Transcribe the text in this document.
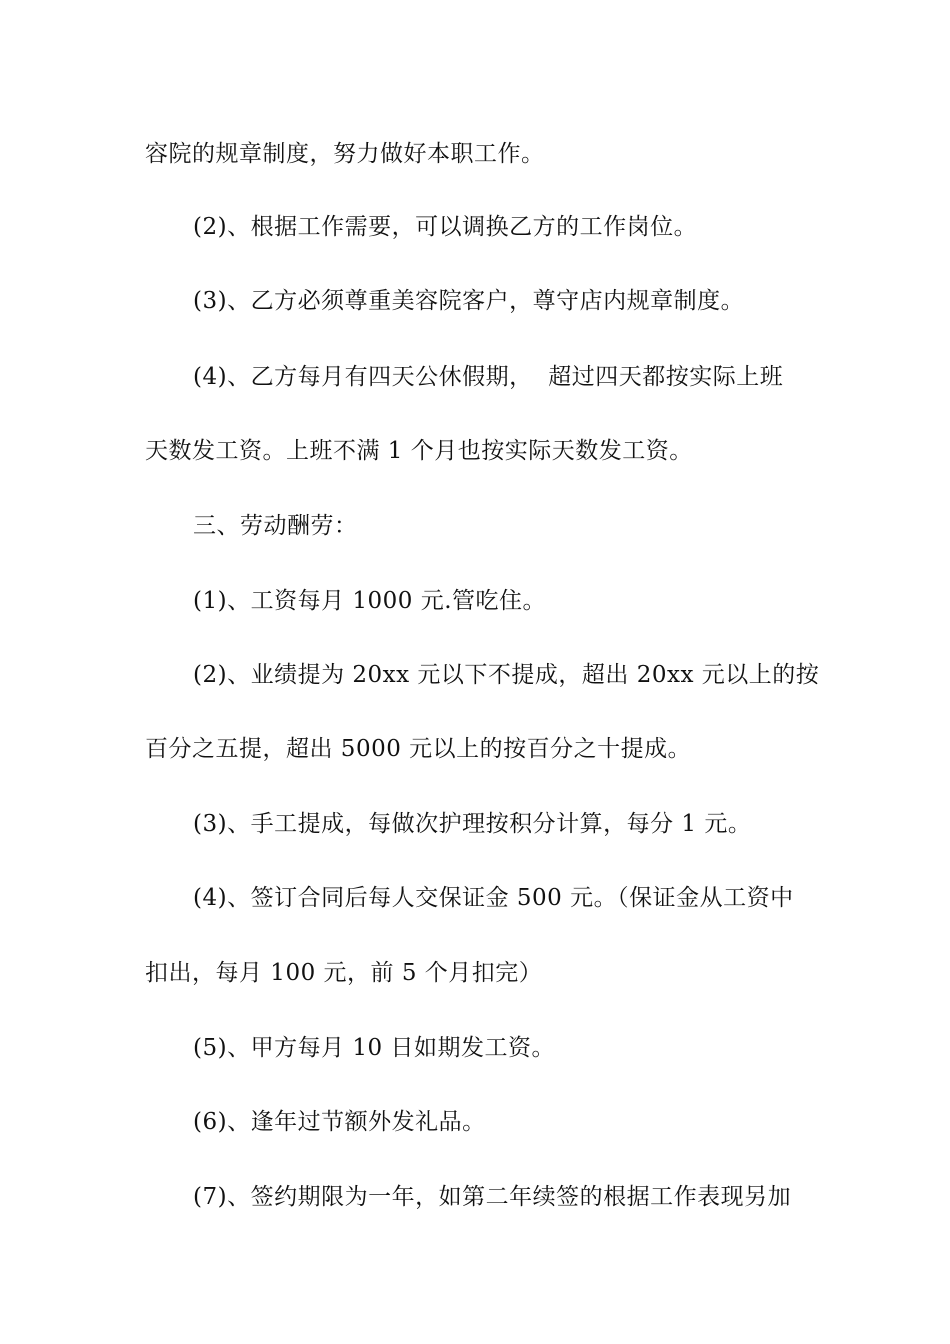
容院的规章制度，努力做好本职工作。
(2)、根据工作需要，可以调换乙方的工作岗位。
(3)、乙方必须尊重美容院客户，尊守店内规章制度。
(4)、乙方每月有四天公休假期，  超过四天都按实际上班
天数发工资。上班不满 1 个月也按实际天数发工资。
三、劳动酬劳：
(1)、工资每月 1000 元.管吃住。
(2)、业绩提为 20xx 元以下不提成，超出 20xx 元以上的按
百分之五提，超出 5000 元以上的按百分之十提成。
(3)、手工提成，每做次护理按积分计算，每分 1 元。
(4)、签订合同后每人交保证金 500 元。（保证金从工资中
扣出，每月 100 元，前 5 个月扣完）
(5)、甲方每月 10 日如期发工资。
(6)、逢年过节额外发礼品。
(7)、签约期限为一年，如第二年续签的根据工作表现另加
